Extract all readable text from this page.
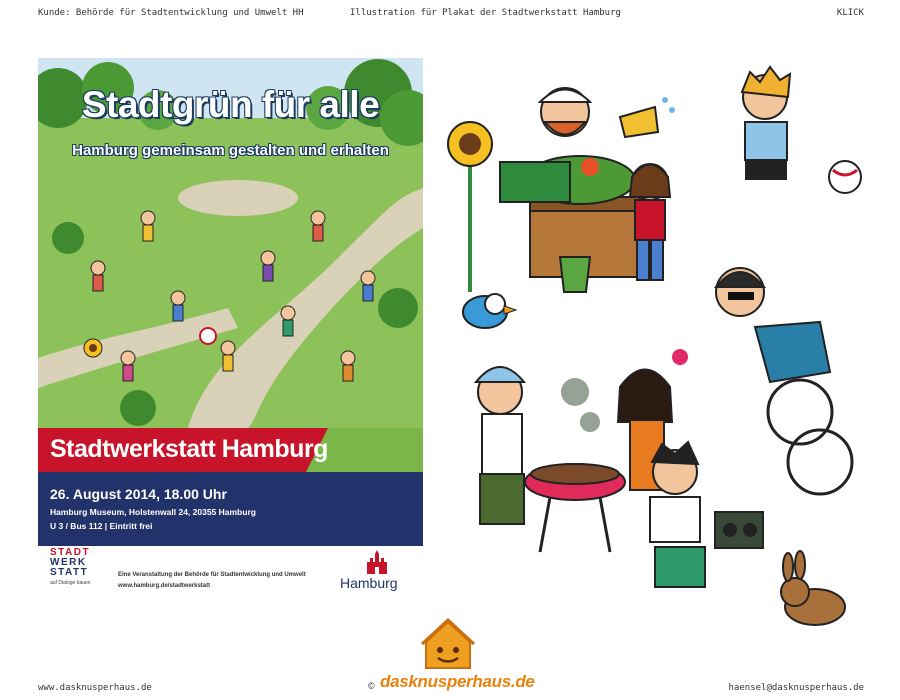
Kunde: Behörde für Stadtentwicklung und Umwelt HH	Illustration für Plakat der Stadtwerkstatt Hamburg	KLICK
Stadtgrün für alle
Hamburg gemeinsam gestalten und erhalten
Stadtwerkstatt Hamburg
26. August 2014, 18.00 Uhr
Hamburg Museum, Holstenwall 24, 20355 Hamburg
U 3 / Bus 112 | Eintritt frei
STADT
WERK
STATT
auf Dialoge bauen
Eine Veranstaltung der Behörde für Stadtentwicklung und Umwelt
www.hamburg.de/stadtwerkstatt	Hamburg
www.dasknusperhaus.de	haensel@dasknusperhaus.de
© dasknusperhaus.de
